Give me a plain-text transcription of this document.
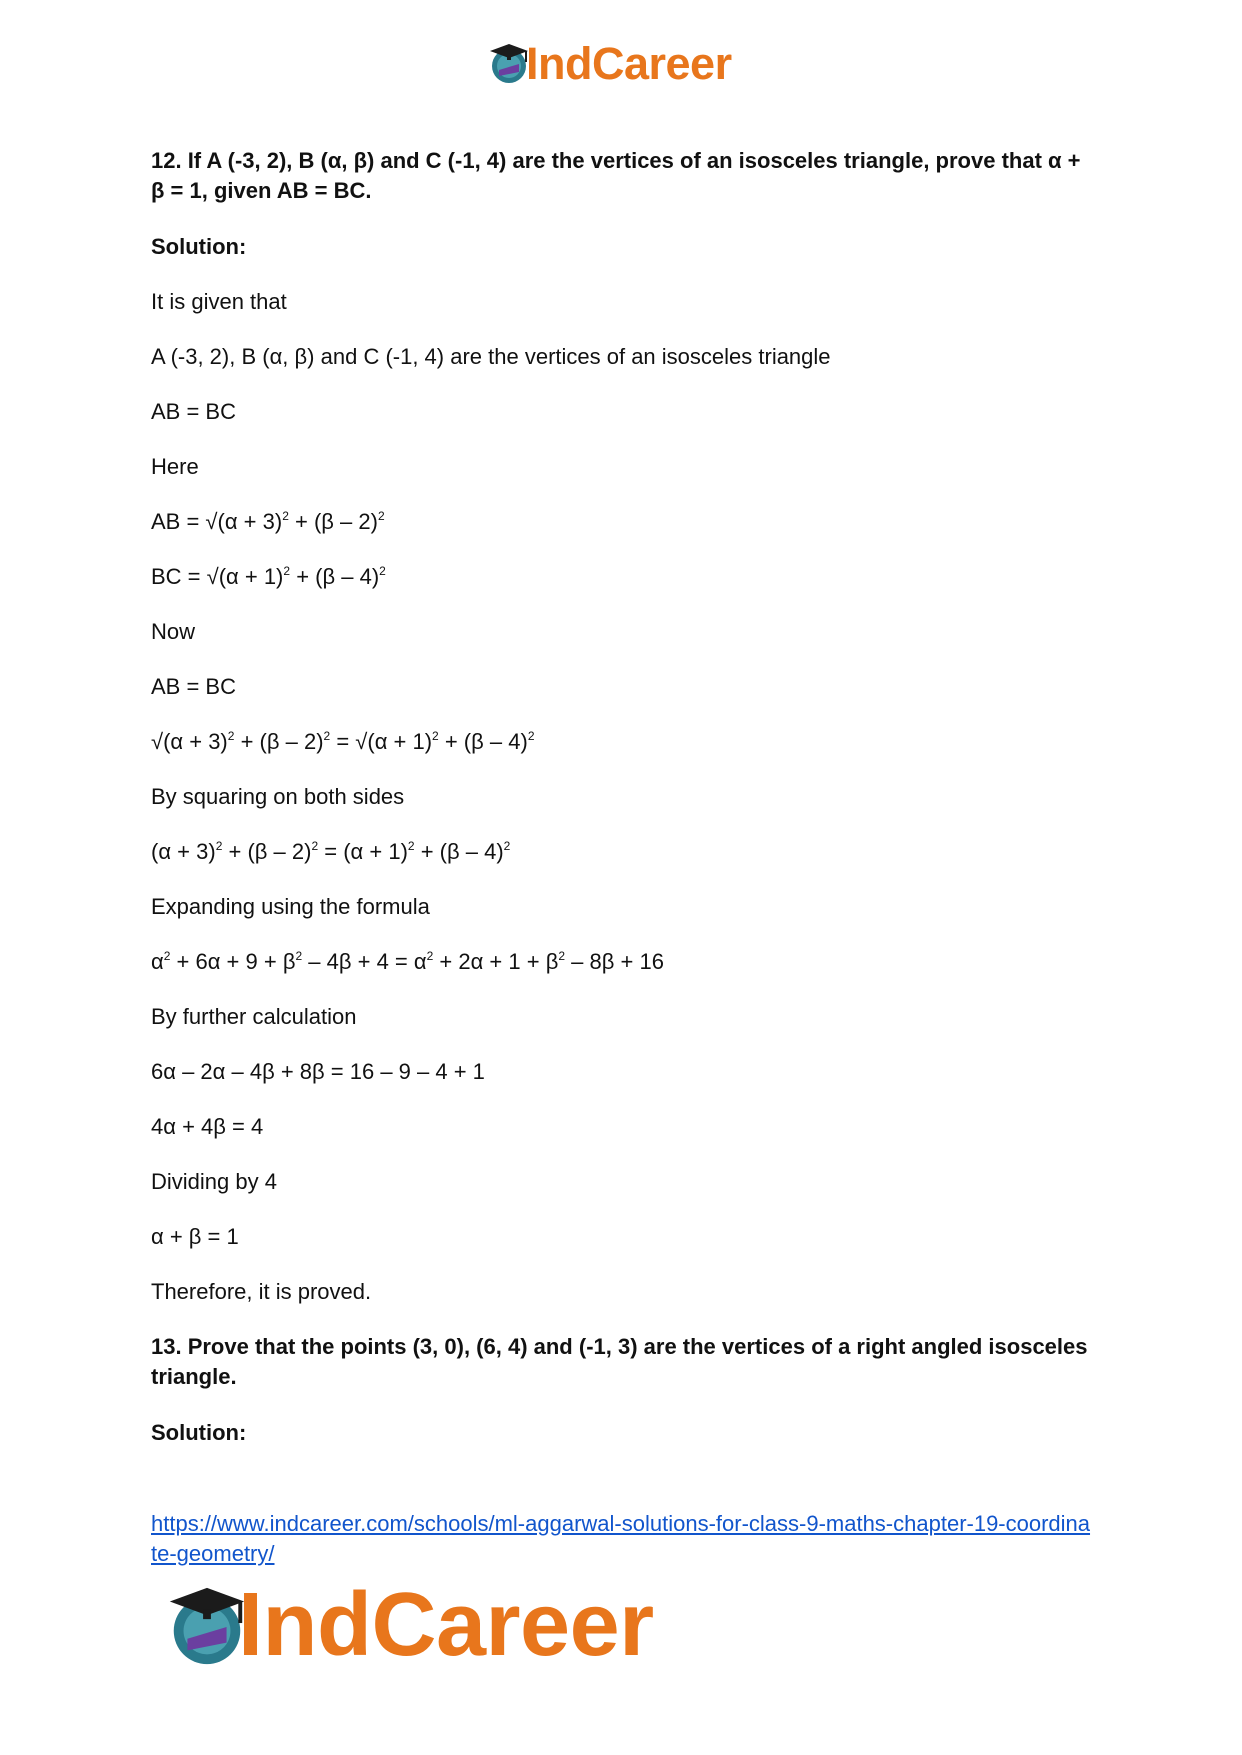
IndCareer

12. If A (-3, 2), B (α, β) and C (-1, 4) are the vertices of an isosceles triangle, prove that α + β = 1, given AB = BC.

Solution:

It is given that

A (-3, 2), B (α, β) and C (-1, 4) are the vertices of an isosceles triangle

AB = BC

Here

AB = $√(\alpha + 3)^2 + (\beta - 2)^2$

BC = $√(\alpha + 1)^2 + (\beta - 4)^2$

Now

AB = BC

$√(\alpha + 3)^2 + (\beta - 2)^2 = √(\alpha + 1)^2 + (\beta - 4)^2$

By squaring on both sides

$(\alpha + 3)^2 + (\beta - 2)^2 = (\alpha + 1)^2 + (\beta - 4)^2$

Expanding using the formula

$\alpha^2 + 6\alpha + 9 + \beta^2 - 4\beta + 4 = \alpha^2 + 2\alpha + 1 + \beta^2 - 8\beta + 16$

By further calculation

6α – 2α – 4β + 8β = 16 – 9 – 4 + 1

4α + 4β = 4

Dividing by 4

α + β = 1

Therefore, it is proved.

13. Prove that the points (3, 0), (6, 4) and (-1, 3) are the vertices of a right angled isosceles triangle.

Solution:

https://www.indcareer.com/schools/ml-aggarwal-solutions-for-class-9-maths-chapter-19-coordinate-geometry/
IndCareer
